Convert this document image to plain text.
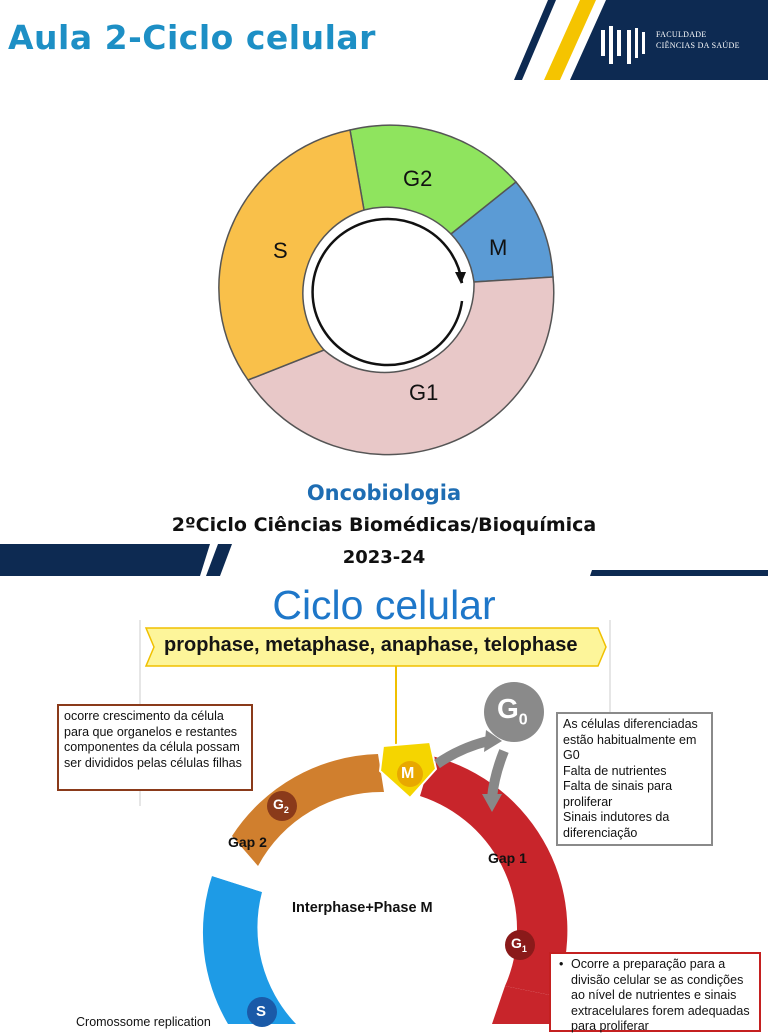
Aula 2-Ciclo celular	FACULDADE
CIÊNCIAS DA SAÚDE
G2
S	M
G1
Oncobiologia
2ºCiclo Ciências Biomédicas/Bioquímica
2023-24
Ciclo celular
prophase, metaphase, anaphase, telophase
M
$G_0$
$G_2$
$G_1$
S
Gap 2
Gap 1
Interphase+Phase M
ocorre crescimento da célula para que organelos e restantes componentes da célula possam ser divididos pelas células filhas
As células diferenciadas estão habitualmente em G0
Falta de nutrientes
Falta de sinais para proliferar
Sinais indutores da diferenciação
• Ocorre a preparação para a divisão celular se as condições ao nível de nutrientes e sinais extracelulares forem adequadas para proliferar
Cromossome replication
